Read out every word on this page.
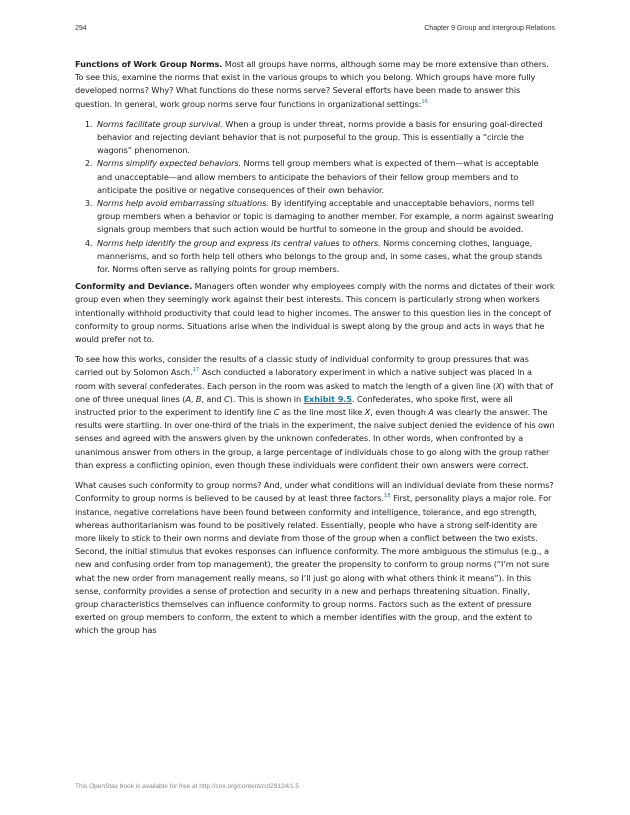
294	Chapter 9 Group and Intergroup Relations

Functions of Work Group Norms. Most all groups have norms, although some may be more extensive than others. To see this, examine the norms that exist in the various groups to which you belong. Which groups have more fully developed norms? Why? What functions do these norms serve? Several efforts have been made to answer this question. In general, work group norms serve four functions in organizational settings:$^{16}$

1. Norms facilitate group survival. When a group is under threat, norms provide a basis for ensuring goal-directed behavior and rejecting deviant behavior that is not purposeful to the group. This is essentially a “circle the wagons” phenomenon.
2. Norms simplify expected behaviors. Norms tell group members what is expected of them—what is acceptable and unacceptable—and allow members to anticipate the behaviors of their fellow group members and to anticipate the positive or negative consequences of their own behavior.
3. Norms help avoid embarrassing situations. By identifying acceptable and unacceptable behaviors, norms tell group members when a behavior or topic is damaging to another member. For example, a norm against swearing signals group members that such action would be hurtful to someone in the group and should be avoided.
4. Norms help identify the group and express its central values to others. Norms concerning clothes, language, mannerisms, and so forth help tell others who belongs to the group and, in some cases, what the group stands for. Norms often serve as rallying points for group members.

Conformity and Deviance. Managers often wonder why employees comply with the norms and dictates of their work group even when they seemingly work against their best interests. This concern is particularly strong when workers intentionally withhold productivity that could lead to higher incomes. The answer to this question lies in the concept of conformity to group norms. Situations arise when the individual is swept along by the group and acts in ways that he would prefer not to.

To see how this works, consider the results of a classic study of individual conformity to group pressures that was carried out by Solomon Asch.$^{17}$ Asch conducted a laboratory experiment in which a native subject was placed in a room with several confederates. Each person in the room was asked to match the length of a given line (X) with that of one of three unequal lines (A, B, and C). This is shown in Exhibit 9.5. Confederates, who spoke first, were all instructed prior to the experiment to identify line C as the line most like X, even though A was clearly the answer. The results were startling. In over one-third of the trials in the experiment, the naive subject denied the evidence of his own senses and agreed with the answers given by the unknown confederates. In other words, when confronted by a unanimous answer from others in the group, a large percentage of individuals chose to go along with the group rather than express a conflicting opinion, even though these individuals were confident their own answers were correct.

What causes such conformity to group norms? And, under what conditions will an individual deviate from these norms? Conformity to group norms is believed to be caused by at least three factors.$^{18}$ First, personality plays a major role. For instance, negative correlations have been found between conformity and intelligence, tolerance, and ego strength, whereas authoritarianism was found to be positively related. Essentially, people who have a strong self-identity are more likely to stick to their own norms and deviate from those of the group when a conflict between the two exists. Second, the initial stimulus that evokes responses can influence conformity. The more ambiguous the stimulus (e.g., a new and confusing order from top management), the greater the propensity to conform to group norms (“I’m not sure what the new order from management really means, so I’ll just go along with what others think it means”). In this sense, conformity provides a sense of protection and security in a new and perhaps threatening situation. Finally, group characteristics themselves can influence conformity to group norms. Factors such as the extent of pressure exerted on group members to conform, the extent to which a member identifies with the group, and the extent to which the group has

This OpenStax book is available for free at http://cnx.org/content/col29124/1.5
